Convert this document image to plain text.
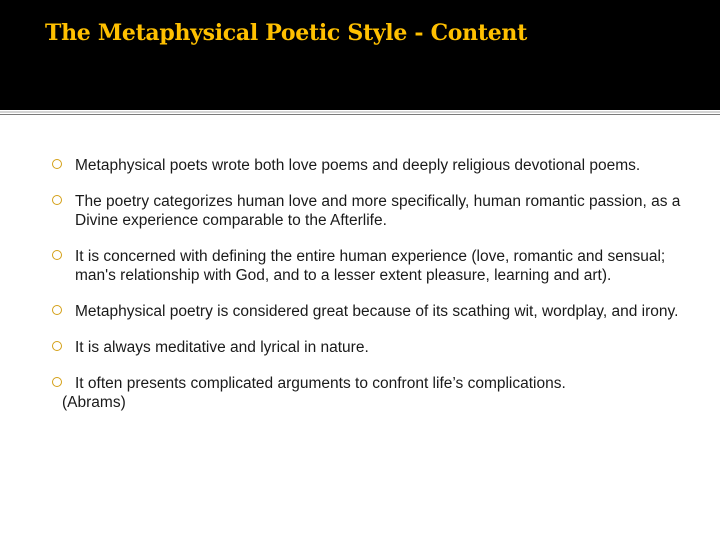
The Metaphysical Poetic Style - Content
Metaphysical poets wrote both love poems and deeply religious devotional poems.
The poetry categorizes human love and more specifically, human romantic passion, as a Divine experience comparable to the Afterlife.
It is concerned with defining the entire human experience (love, romantic and sensual; man's relationship with God, and to a lesser extent pleasure, learning and art).
Metaphysical poetry is considered great because of its scathing wit, wordplay, and irony.
It is always meditative and lyrical in nature.
It often presents complicated arguments to confront life’s complications.
(Abrams)
